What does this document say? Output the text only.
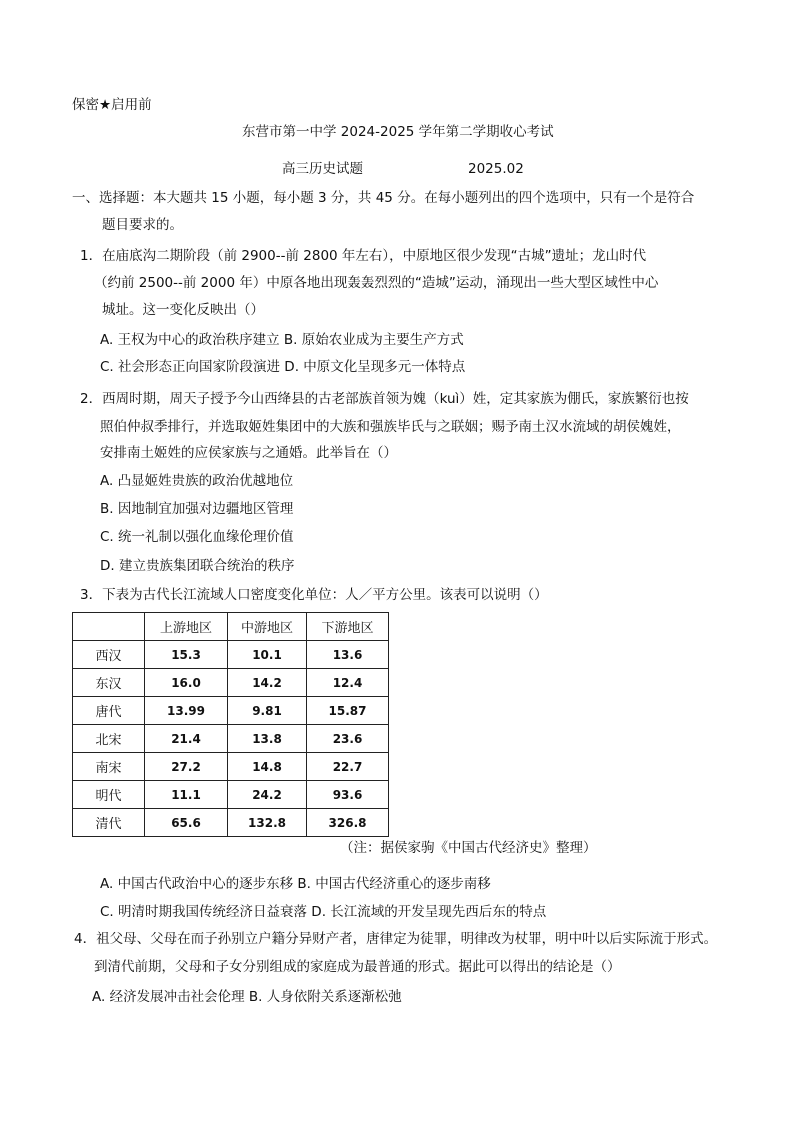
保密★启用前
东营市第一中学 2024-2025 学年第二学期收心考试
高三历史试题	2025.02
一、选择题：本大题共 15 小题，每小题 3 分，共 45 分。在每小题列出的四个选项中，只有一个是符合
题目要求的。
1．在庙底沟二期阶段（前 2900--前 2800 年左右），中原地区很少发现“古城”遗址；龙山时代
（约前 2500--前 2000 年）中原各地出现轰轰烈烈的“造城”运动，涌现出一些大型区域性中心
城址。这一变化反映出（）
A. 王权为中心的政治秩序建立 B. 原始农业成为主要生产方式
C. 社会形态正向国家阶段演进 D. 中原文化呈现多元一体特点
2．西周时期，周天子授予今山西绛县的古老部族首领为媿（kuì）姓，定其家族为倗氏，家族繁衍也按
照伯仲叔季排行，并选取姬姓集团中的大族和强族毕氏与之联姻；赐予南土汉水流域的胡侯媿姓，
安排南土姬姓的应侯家族与之通婚。此举旨在（）
A. 凸显姬姓贵族的政治优越地位
B. 因地制宜加强对边疆地区管理
C. 统一礼制以强化血缘伦理价值
D. 建立贵族集团联合统治的秩序
3．下表为古代长江流域人口密度变化单位：人／平方公里。该表可以说明（）
	上游地区	中游地区	下游地区
西汉	15.3	10.1	13.6
东汉	16.0	14.2	12.4
唐代	13.99	9.81	15.87
北宋	21.4	13.8	23.6
南宋	27.2	14.8	22.7
明代	11.1	24.2	93.6
清代	65.6	132.8	326.8
（注：据侯家驹《中国古代经济史》整理）
A. 中国古代政治中心的逐步东移 B. 中国古代经济重心的逐步南移
C. 明清时期我国传统经济日益衰落 D. 长江流域的开发呈现先西后东的特点
4．祖父母、父母在而子孙别立户籍分异财产者，唐律定为徒罪，明律改为杖罪，明中叶以后实际流于形式。
到清代前期，父母和子女分别组成的家庭成为最普通的形式。据此可以得出的结论是（）
A. 经济发展冲击社会伦理 B. 人身依附关系逐渐松弛
